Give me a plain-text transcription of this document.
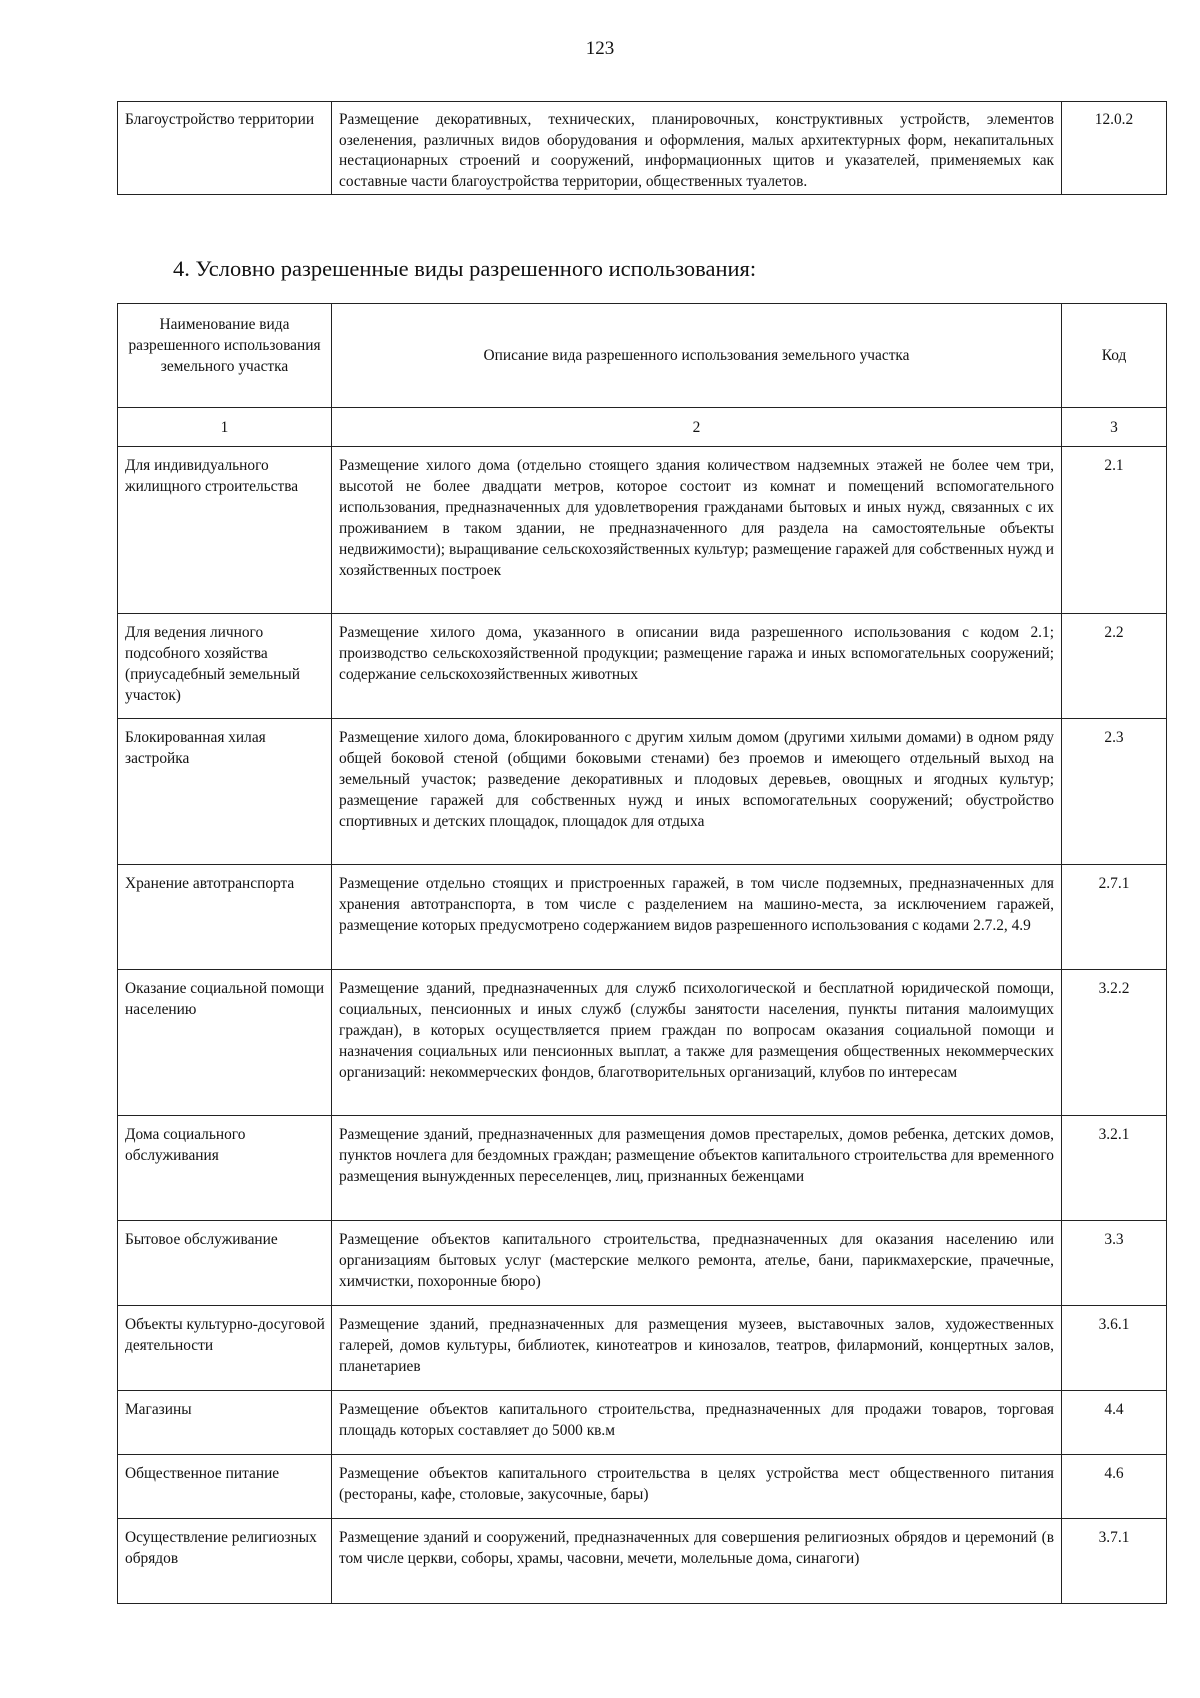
123
Благоустройство территории	Размещение декоративных, технических, планировочных, конструктивных устройств, элементов озеленения, различных видов оборудования и оформления, малых архитектурных форм, некапитальных нестационарных строений и сооружений, информационных щитов и указателей, применяемых как составные части благоустройства территории, общественных туалетов.	12.0.2
4. Условно разрешенные виды разрешенного использования:
Наименование вида разрешенного использования земельного участка	Описание вида разрешенного использования земельного участка	Код
1	2	3
Для индивидуального жилищного строительства	Размещение хилого дома (отдельно стоящего здания количеством надземных этажей не более чем три, высотой не более двадцати метров, которое состоит из комнат и помещений вспомогательного использования, предназначенных для удовлетворения гражданами бытовых и иных нужд, связанных с их проживанием в таком здании, не предназначенного для раздела на самостоятельные объекты недвижимости); выращивание сельскохозяйственных культур; размещение гаражей для собственных нужд и хозяйственных построек	2.1
Для ведения личного подсобного хозяйства (приусадебный земельный участок)	Размещение хилого дома, указанного в описании вида разрешенного использования с кодом 2.1; производство сельскохозяйственной продукции; размещение гаража и иных вспомогательных сооружений; содержание сельскохозяйственных животных	2.2
Блокированная хилая застройка	Размещение хилого дома, блокированного с другим хилым домом (другими хилыми домами) в одном ряду общей боковой стеной (общими боковыми стенами) без проемов и имеющего отдельный выход на земельный участок; разведение декоративных и плодовых деревьев, овощных и ягодных культур; размещение гаражей для собственных нужд и иных вспомогательных сооружений; обустройство спортивных и детских площадок, площадок для отдыха	2.3
Хранение автотранспорта	Размещение отдельно стоящих и пристроенных гаражей, в том числе подземных, предназначенных для хранения автотранспорта, в том числе с разделением на машино-места, за исключением гаражей, размещение которых предусмотрено содержанием видов разрешенного использования с кодами 2.7.2, 4.9	2.7.1
Оказание социальной помощи населению	Размещение зданий, предназначенных для служб психологической и бесплатной юридической помощи, социальных, пенсионных и иных служб (службы занятости населения, пункты питания малоимущих граждан), в которых осуществляется прием граждан по вопросам оказания социальной помощи и назначения социальных или пенсионных выплат, а также для размещения общественных некоммерческих организаций: некоммерческих фондов, благотворительных организаций, клубов по интересам	3.2.2
Дома социального обслуживания	Размещение зданий, предназначенных для размещения домов престарелых, домов ребенка, детских домов, пунктов ночлега для бездомных граждан; размещение объектов капитального строительства для временного размещения вынужденных переселенцев, лиц, признанных беженцами	3.2.1
Бытовое обслуживание	Размещение объектов капитального строительства, предназначенных для оказания населению или организациям бытовых услуг (мастерские мелкого ремонта, ателье, бани, парикмахерские, прачечные, химчистки, похоронные бюро)	3.3
Объекты культурно-досуговой деятельности	Размещение зданий, предназначенных для размещения музеев, выставочных залов, художественных галерей, домов культуры, библиотек, кинотеатров и кинозалов, театров, филармоний, концертных залов, планетариев	3.6.1
Магазины	Размещение объектов капитального строительства, предназначенных для продажи товаров, торговая площадь которых составляет до 5000 кв.м	4.4
Общественное питание	Размещение объектов капитального строительства в целях устройства мест общественного питания (рестораны, кафе, столовые, закусочные, бары)	4.6
Осуществление религиозных обрядов	Размещение зданий и сооружений, предназначенных для совершения религиозных обрядов и церемоний (в том числе церкви, соборы, храмы, часовни, мечети, молельные дома, синагоги)	3.7.1
